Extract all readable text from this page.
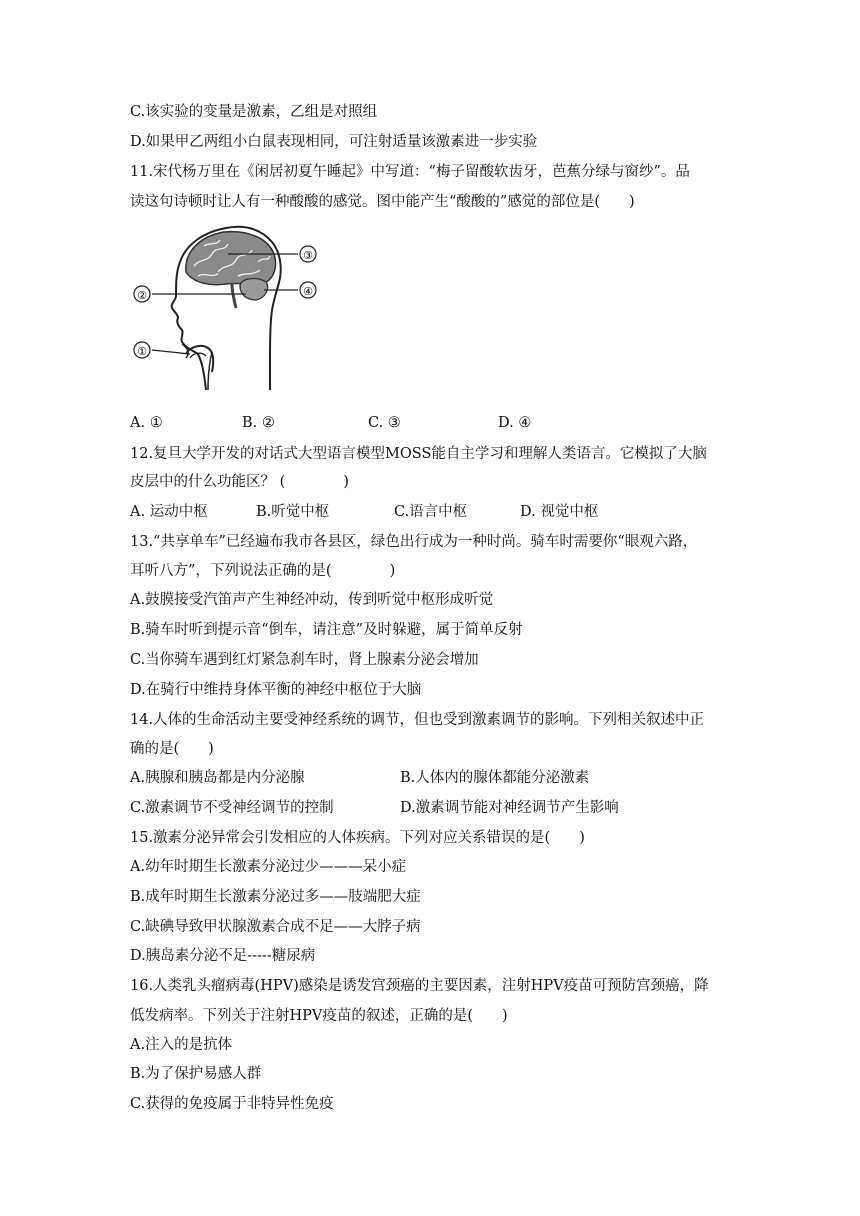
C.该实验的变量是激素，乙组是对照组
D.如果甲乙两组小白鼠表现相同，可注射适量该激素进一步实验
11.宋代杨万里在《闲居初夏午睡起》中写道：“梅子留酸软齿牙，芭蕉分绿与窗纱”。品
读这句诗顿时让人有一种酸酸的感觉。图中能产生“酸酸的”感觉的部位是(　　)
②
③
④
①
A. ①	B. ②	C. ③	D. ④
12.复旦大学开发的对话式大型语言模型MOSS能自主学习和理解人类语言。它模拟了大脑
皮层中的什么功能区？ (　　　　)
A. 运动中枢	B.听觉中枢	C.语言中枢	D. 视觉中枢
13.“共享单车”已经遍布我市各县区，绿色出行成为一种时尚。骑车时需要你“眼观六路，
耳听八方”，下列说法正确的是(　　　　)
A.鼓膜接受汽笛声产生神经冲动，传到听觉中枢形成听觉
B.骑车时听到提示音“倒车，请注意”及时躲避，属于简单反射
C.当你骑车遇到红灯紧急刹车时，肾上腺素分泌会增加
D.在骑行中维持身体平衡的神经中枢位于大脑
14.人体的生命活动主要受神经系统的调节，但也受到激素调节的影响。下列相关叙述中正
确的是(　　)
A.胰腺和胰岛都是内分泌腺	B.人体内的腺体都能分泌激素
C.激素调节不受神经调节的控制	D.激素调节能对神经调节产生影响
15.激素分泌异常会引发相应的人体疾病。下列对应关系错误的是(　　)
A.幼年时期生长激素分泌过少———呆小症
B.成年时期生长激素分泌过多——肢端肥大症
C.缺碘导致甲状腺激素合成不足——大脖子病
D.胰岛素分泌不足-----糖尿病
16.人类乳头瘤病毒(HPV)感染是诱发宫颈癌的主要因素，注射HPV疫苗可预防宫颈癌，降
低发病率。下列关于注射HPV疫苗的叙述，正确的是(　　)
A.注入的是抗体
B.为了保护易感人群
C.获得的免疫属于非特异性免疫
